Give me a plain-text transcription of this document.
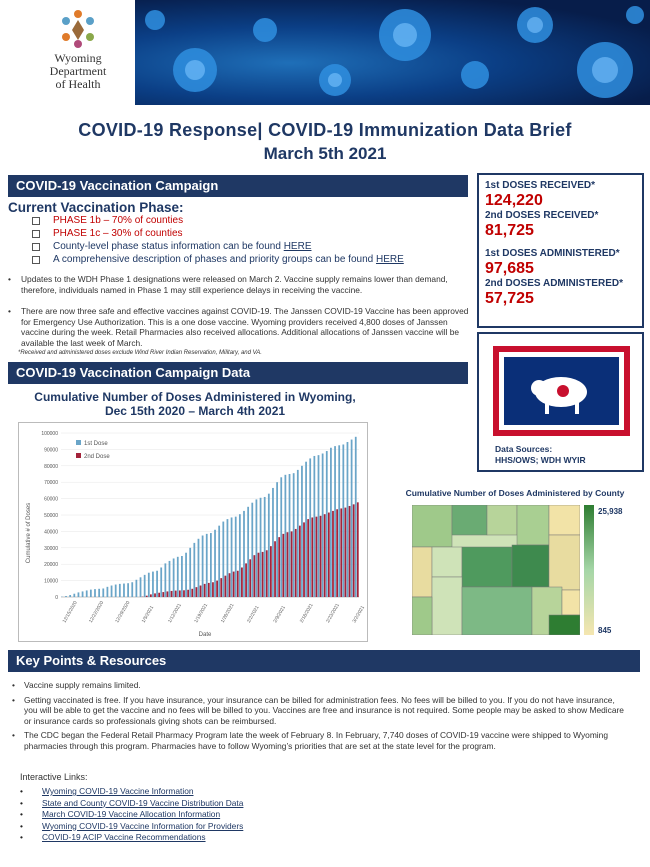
Wyoming
Department
of Health
COVID-19 Response| COVID-19 Immunization Data Brief
March 5th 2021
COVID-19 Vaccination Campaign
Current Vaccination Phase:
PHASE 1b – 70% of counties
PHASE 1c – 30% of counties
County-level phase status information can be found
HERE
A comprehensive description of phases and priority groups can be found
HERE
•	Updates to the WDH Phase 1 designations were released on March 2. Vaccine supply remains lower than demand, therefore, individuals named in Phase 1 may still experience delays in receiving the vaccine.
•	There are now three safe and effective vaccines against COVID-19. The Janssen COVID-19 Vaccine has been approved for Emergency Use Authorization. This is a one dose vaccine. Wyoming providers received 4,800 doses of Janssen vaccine during the week. Retail Pharmacies also received allocations. Additional allocations of Janssen vaccine will be available the last week of March.
*Received and administered doses exclude Wind River Indian Reservation, Military, and VA.
1st DOSES RECEIVED*
124,220
2nd DOSES RECEIVED*
81,725
1st DOSES ADMINISTERED*
97,685
2nd DOSES ADMINISTERED*
57,725
Data Sources:
HHS/OWS; WDH WYIR
COVID-19 Vaccination Campaign Data
Cumulative Number of Doses Administered in Wyoming,
Dec 15th 2020 – March 4th 2021
Cumulative # of Doses
Date
0
10000
20000
30000
40000
50000
60000
70000
80000
90000
100000
12/15/2020 12/22/2020 12/29/2020 1/5/2021	1/12/2021 1/19/2021 1/26/2021 2/2/2021	2/9/2021	2/16/2021 2/23/2021 3/2/2021
1st Dose
2nd Dose
Cumulative Number of Doses Administered by County
25,938
845
Key Points & Resources
•	Vaccine supply remains limited.
•	Getting vaccinated is free. If you have insurance, your insurance can be billed for administration fees. No fees will be billed to you. If you do not have insurance, you will be able to get the vaccine and no fees will be billed to you. Vaccines are free and insurance is not required. Some people may be asked to show Medicare or insurance cards so professionals giving shots can be reimbursed.
•	The CDC began the Federal Retail Pharmacy Program late the week of February 8. In February, 7,740 doses of COVID-19 vaccine were shipped to Wyoming pharmacies through this program. Pharmacies have to follow Wyoming’s priorities that are set at the state level for the program.
Interactive Links:
•	Wyoming COVID-19 Vaccine Information
•	State and County COVID-19 Vaccine Distribution Data
•	March COVID-19 Vaccine Allocation Information
•	Wyoming COVID-19 Vaccine Information for Providers
•	COVID-19 ACIP Vaccine Recommendations
